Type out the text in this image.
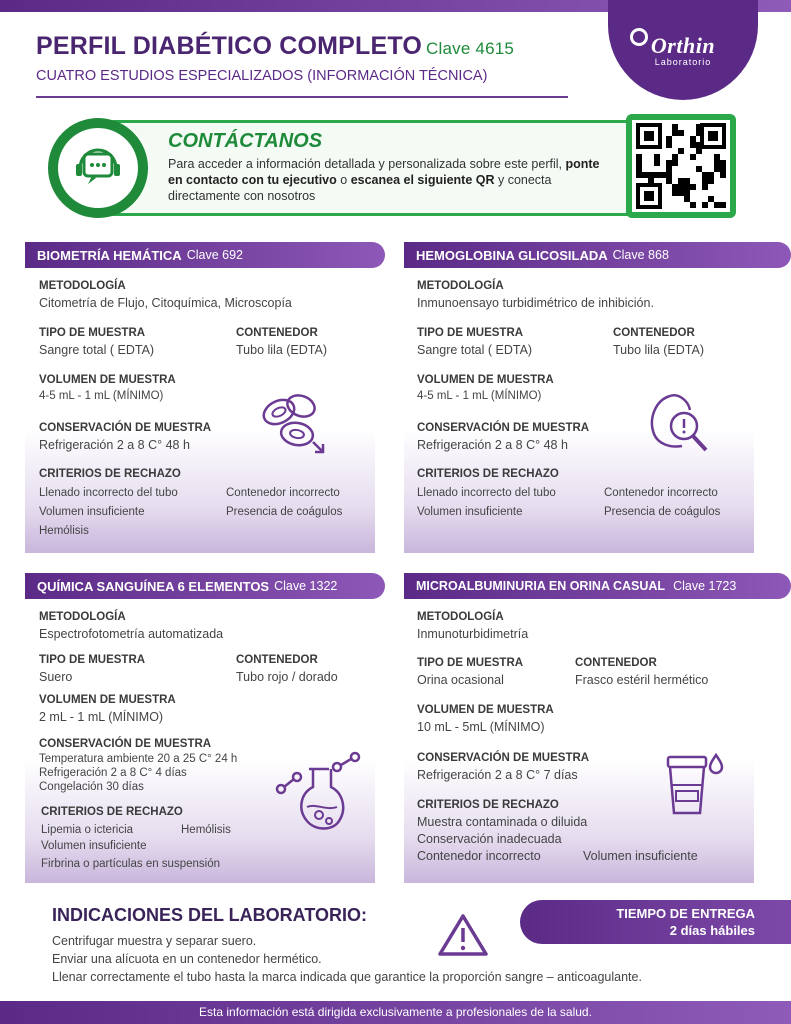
Orthin
Laboratorio
PERFIL DIABÉTICO COMPLETO Clave 4615
CUATRO ESTUDIOS ESPECIALIZADOS (INFORMACIÓN TÉCNICA)
CONTÁCTANOS
Para acceder a información detallada y personalizada sobre este perfil, ponte en contacto con tu ejecutivo o escanea el siguiente QR y conecta directamente con nosotros
BIOMETRÍA HEMÁTICA Clave 692
METODOLOGÍA
Citometría de Flujo, Citoquímica, Microscopía
TIPO DE MUESTRA
Sangre total ( EDTA)
CONTENEDOR
Tubo lila (EDTA)
VOLUMEN DE MUESTRA
4-5 mL - 1 mL (MÍNIMO)
CONSERVACIÓN DE MUESTRA
Refrigeración 2 a 8 C° 48 h
CRITERIOS DE RECHAZO
Llenado incorrecto del tubo	Contenedor incorrecto
Volumen insuficiente	Presencia de coágulos
Hemólisis
HEMOGLOBINA GLICOSILADA Clave 868
METODOLOGÍA
Inmunoensayo turbidimétrico de inhibición.
TIPO DE MUESTRA
Sangre total ( EDTA)
CONTENEDOR
Tubo lila (EDTA)
VOLUMEN DE MUESTRA
4-5 mL - 1 mL (MÍNIMO)
CONSERVACIÓN DE MUESTRA
Refrigeración 2 a 8 C° 48 h
CRITERIOS DE RECHAZO
Llenado incorrecto del tubo	Contenedor incorrecto
Volumen insuficiente	Presencia de coágulos
QUÍMICA SANGUÍNEA 6 ELEMENTOS Clave 1322
METODOLOGÍA
Espectrofotometría automatizada
TIPO DE MUESTRA
Suero
CONTENEDOR
Tubo rojo / dorado
VOLUMEN DE MUESTRA
2 mL - 1 mL (MÍNIMO)
CONSERVACIÓN DE MUESTRA
Temperatura ambiente 20 a 25 C° 24 h
Refrigeración 2 a 8 C° 4 días
Congelación 30 días
CRITERIOS DE RECHAZO
Lipemia o ictericia	Hemólisis
Volumen insuficiente
Firbrina o partículas en suspensión
MICROALBUMINURIA EN ORINA CASUAL Clave 1723
METODOLOGÍA
Inmunoturbidimetría
TIPO DE MUESTRA
Orina ocasional
CONTENEDOR
Frasco estéril hermético
VOLUMEN DE MUESTRA
10 mL - 5mL (MÍNIMO)
CONSERVACIÓN DE MUESTRA
Refrigeración 2 a 8 C° 7 días
CRITERIOS DE RECHAZO
Muestra contaminada o diluida
Conservación inadecuada
Contenedor incorrecto	Volumen insuficiente
INDICACIONES DEL LABORATORIO:
Centrifugar muestra y separar suero.
Enviar una alícuota en un contenedor hermético.
Llenar correctamente el tubo hasta la marca indicada que garantice la proporción sangre – anticoagulante.
TIEMPO DE ENTREGA
2 días hábiles
Esta información está dirigida exclusivamente a profesionales de la salud.
